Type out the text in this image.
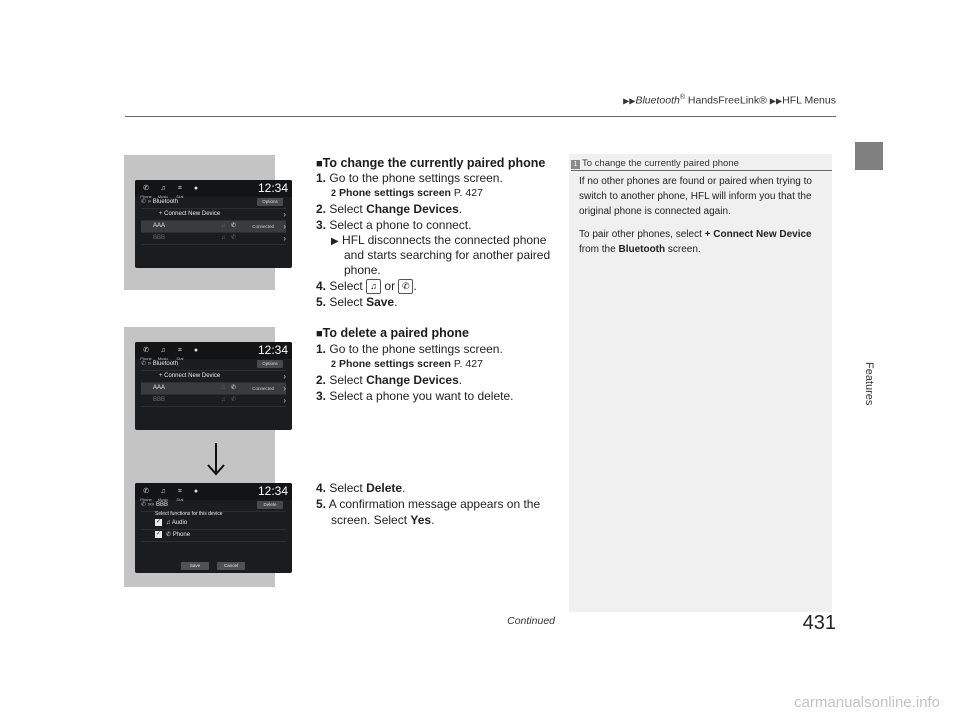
▶▶Bluetooth® HandsFreeLink® ▶▶HFL Menus
Features
✆
Phone
♫
Music
⌗
Dial
●	12:34
✆ » Bluetooth	Options
+ Connect New Device	›
AAA	♫ ✆	Connected ›
BBB	♫ ✆	›
■To change the currently paired phone
1. Go to the phone settings screen.
2 Phone settings screen P. 427
2. Select Change Devices.
3. Select a phone to connect.
▶ HFL disconnects the connected phone
and starts searching for another paired
phone.
4. Select ♫ or ✆ .
5. Select Save.
✆
Phone
♫
Music
⌗
Dial
●	12:34
✆ » Bluetooth	Options
+ Connect New Device	›
AAA	♫ ✆	Connected ›
BBB	♫ ✆	›
✆
Phone
♫
Music
⌗
Dial
●	12:34
✆ »» BBB	Delete
Select functions for this device
✓ ♫ Audio
✓ ✆ Phone
Save	Cancel
■To delete a paired phone
1. Go to the phone settings screen.
2 Phone settings screen P. 427
2. Select Change Devices.
3. Select a phone you want to delete.
4. Select Delete.
5. A confirmation message appears on the
screen. Select Yes.
1 To change the currently paired phone
If no other phones are found or paired when trying to
switch to another phone, HFL will inform you that the
original phone is connected again.
To pair other phones, select + Connect New Device
from the Bluetooth screen.
Continued	431
carmanualsonline.info
